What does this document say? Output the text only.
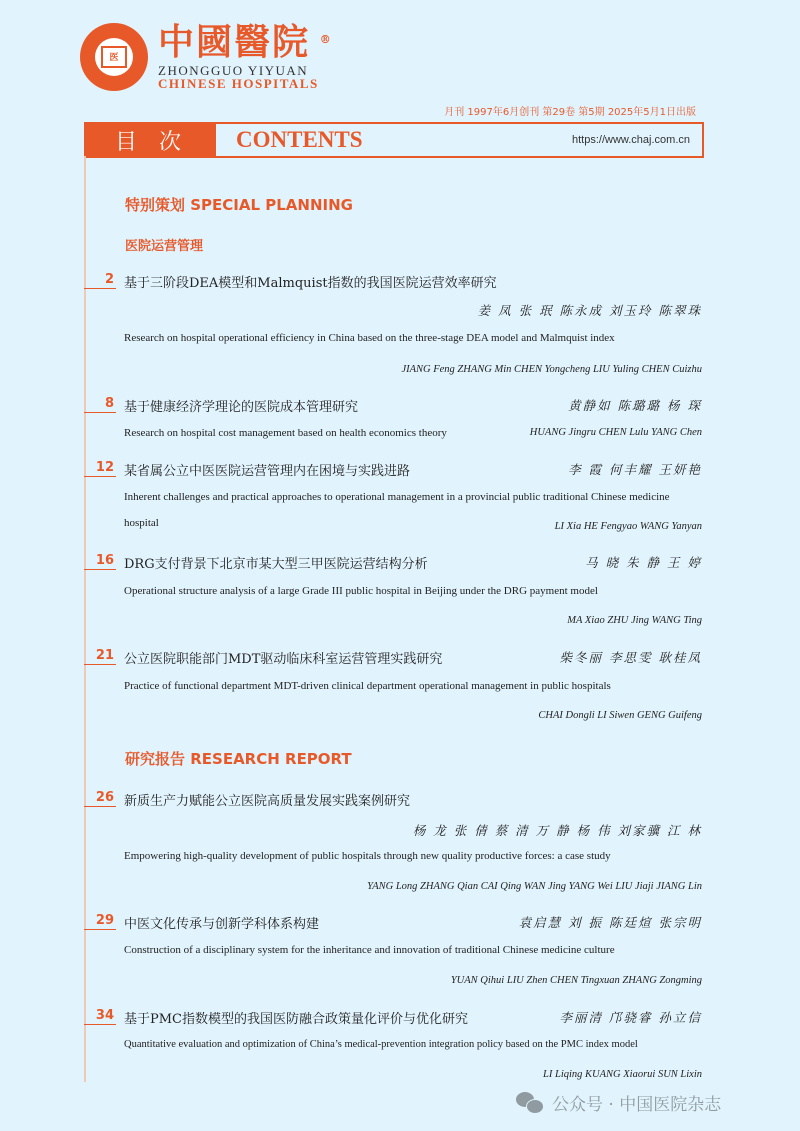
医 中國醫院 ®
ZHONGGUO YIYUAN
CHINESE HOSPITALS
月刊 1997年6月创刊 第29卷 第5期 2025年5月1日出版
目次	CONTENTS	https://www.chaj.com.cn
特别策划 SPECIAL PLANNING
医院运营管理
2 基于三阶段DEA模型和Malmquist指数的我国医院运营效率研究
姜 凤 张 珉 陈永成 刘玉玲 陈翠珠
Research on hospital operational efficiency in China based on the three-stage DEA model and Malmquist index
JIANG Feng ZHANG Min CHEN Yongcheng LIU Yuling CHEN Cuizhu
8 基于健康经济学理论的医院成本管理研究	黄静如 陈璐璐 杨 琛
Research on hospital cost management based on health economics theory	HUANG Jingru CHEN Lulu YANG Chen
12 某省属公立中医医院运营管理内在困境与实践进路	李 霞 何丰耀 王妍艳
Inherent challenges and practical approaches to operational management in a provincial public traditional Chinese medicine hospital	LI Xia HE Fengyao WANG Yanyan
16 DRG支付背景下北京市某大型三甲医院运营结构分析	马 晓 朱 静 王 婷
Operational structure analysis of a large Grade III public hospital in Beijing under the DRG payment model
MA Xiao ZHU Jing WANG Ting
21 公立医院职能部门MDT驱动临床科室运营管理实践研究	柴冬丽 李思雯 耿桂凤
Practice of functional department MDT-driven clinical department operational management in public hospitals
CHAI Dongli LI Siwen GENG Guifeng
研究报告 RESEARCH REPORT
26 新质生产力赋能公立医院高质量发展实践案例研究
杨 龙 张 倩 蔡 清 万 静 杨 伟 刘家骥 江 林
Empowering high-quality development of public hospitals through new quality productive forces: a case study
YANG Long ZHANG Qian CAI Qing WAN Jing YANG Wei LIU Jiaji JIANG Lin
29 中医文化传承与创新学科体系构建	袁启慧 刘 振 陈廷煊 张宗明
Construction of a disciplinary system for the inheritance and innovation of traditional Chinese medicine culture
YUAN Qihui LIU Zhen CHEN Tingxuan ZHANG Zongming
34 基于PMC指数模型的我国医防融合政策量化评价与优化研究	李丽清 邝骁睿 孙立信
Quantitative evaluation and optimization of China’s medical-prevention integration policy based on the PMC index model
LI Liqing KUANG Xiaorui SUN Lixin
公众号 · 中国医院杂志
